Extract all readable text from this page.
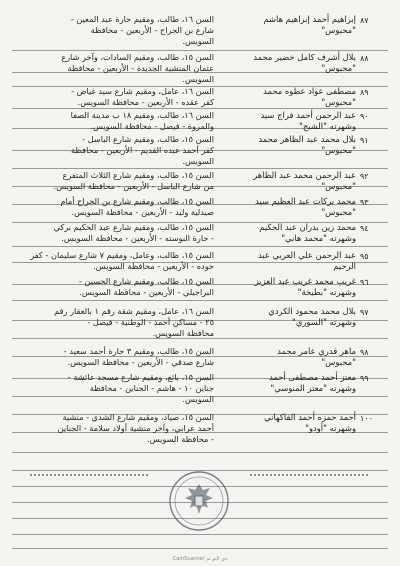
٨٧
إبراهيم أحمد إبراهيم هاشم
"محبوس"
السن ١٦، طالب، ومقيم حارة عبد المعين -
شارع بن الجراح - الأربعين - محافظة
السويس.
٨٨
بلال أشرف كامل خضير محمد
"محبوس"
السن ١٥، طالب، ومقيم السادات، وآخر شارع
عثمان المنشية الجديدة - الأربعين - محافظة
السويس.
٨٩
مصطفى عواد عطوه محمد
"محبوس"
السن ١٦، عامل، ومقيم شارع سيد غياض -
كفر عقده - الأربعين - محافظة السويس.
٩٠
عبد الرحمن أحمد فراج سيد
وشهرته "الشبح"
السن ١٦، طالب، ومقيم ١٨ ب مدينة الصفا
والمروة - فيصل - محافظة السويس.
٩١
بلال محمد عبد الظاهر محمد
"محبوس"
السن ١٥، طالب، ومقيم شارع الباسل -
كفر أحمد عبده القديم - الأربعين - محافظة
السويس.
٩٢
عبد الرحمن محمد عبد الظاهر
"محبوس"
السن ١٥، طالب، ومقيم شارع الثلاث المتفرع
من شارع الباسل - الأربعين - محافظة السويس.
٩٣
محمد بركات عبد العظيم سيد
"محبوس"
السن ١٥، طالب، ومقيم شارع بن الجراح أمام
صيدلية وليد - الأربعين - محافظة السويس.
٩٤
محمد زين بدران عبد الحكيم
وشهرته "محمد هاني"
السن ١٥، طالب، ومقيم شارع عبد الحكيم بركي
- حارة البوسته - الأربعين - محافظة السويس.
٩٥
عبد الرحمن علي العربي عبد
الرحيم
السن ١٥، طالب، وعامل، ومقيم ٧ شارع سليمان - كفر
حوده - الأربعين - محافظة السويس.
٩٦
غريب محمد غريب عبد العزيز
وشهرته "بطيخة"
السن ١٥، طالب، ومقيم شارع الحسين -
البراجيلي - الأربعين - محافظة السويس.
٩٧
بلال محمد محمود الكردي
وشهرته "السوري"
السن ١٦، عامل، ومقيم شقة رقم ١ بالعقار رقم
٢٥ - مساكن أحمد - الوطنية - فيصل -
محافظة السويس.
٩٨
ماهر قدري عامر محمد
"محبوس"
السن ١٥، طالب، ومقيم ٣ حارة أحمد سعيد -
شارع صدقي - الأربعين - محافظة السويس.
٩٩
معتز أحمد مصطفى أحمد
وشهرته "معتز المنوسي"
السن ١٥، بائع، ومقيم شارع مسجد عائشة -
جناين ١٠ - هاشم - الجناين - محافظة
السويس.
١٠٠
أحمد حمزه أحمد الفاكهاني
وشهرته "أودو"
السن ١٥، صياد، ومقيم شارع الشدي - منشية
أحمد عرابي، وآخر منشية أولاد سلامة - الجناين
- محافظة السويس.
CamScanner ذي النو تم
